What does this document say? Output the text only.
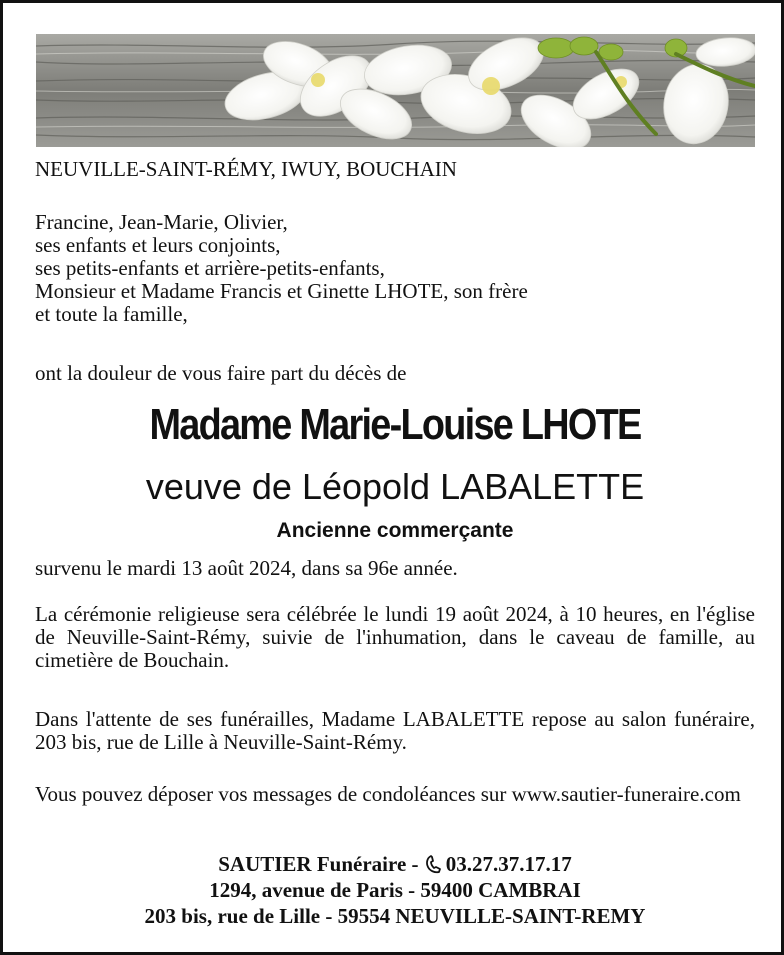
NEUVILLE-SAINT-RÉMY, IWUY, BOUCHAIN

Francine, Jean-Marie, Olivier,
ses enfants et leurs conjoints,
ses petits-enfants et arrière-petits-enfants,
Monsieur et Madame Francis et Ginette LHOTE, son frère
et toute la famille,

ont la douleur de vous faire part du décès de

Madame Marie-Louise LHOTE

veuve de Léopold LABALETTE

Ancienne commerçante

survenu le mardi 13 août 2024, dans sa 96e année.

La cérémonie religieuse sera célébrée le lundi 19 août 2024, à 10 heures, en l'église de Neuville-Saint-Rémy, suivie de l'inhumation, dans le caveau de famille, au cimetière de Bouchain.

Dans l'attente de ses funérailles, Madame LABALETTE repose au salon funéraire, 203 bis, rue de Lille à Neuville-Saint-Rémy.

Vous pouvez déposer vos messages de condoléances sur www.sautier-funeraire.com

SAUTIER Funéraire - 03.27.37.17.17
1294, avenue de Paris - 59400 CAMBRAI
203 bis, rue de Lille - 59554 NEUVILLE-SAINT-REMY
